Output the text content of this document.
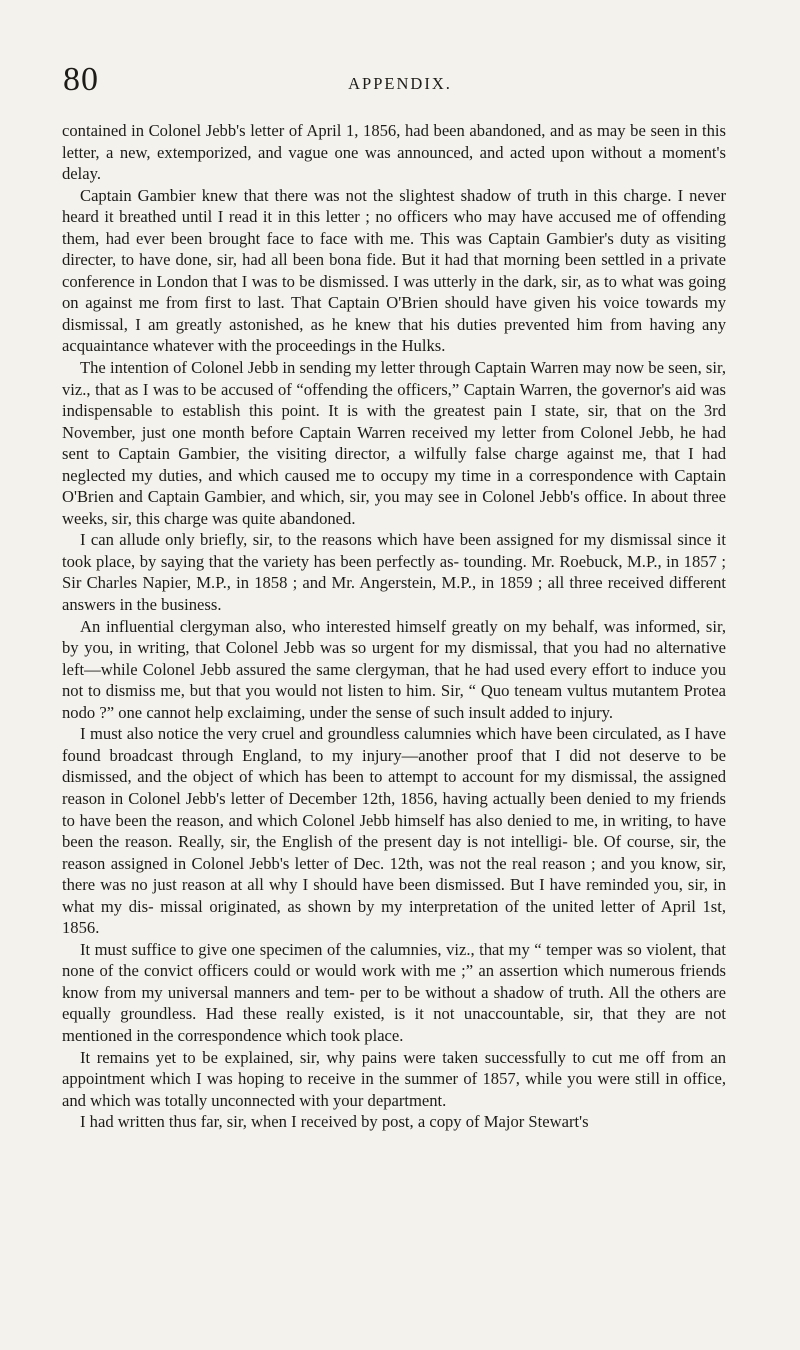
80	APPENDIX.

contained in Colonel Jebb's letter of April 1, 1856, had been abandoned, and as may be seen in this letter, a new, extemporized, and vague one was announced, and acted upon without a moment's delay.

Captain Gambier knew that there was not the slightest shadow of truth in this charge. I never heard it breathed until I read it in this letter ; no officers who may have accused me of offending them, had ever been brought face to face with me. This was Captain Gambier's duty as visiting directer, to have done, sir, had all been bona fide. But it had that morning been settled in a private conference in London that I was to be dismissed. I was utterly in the dark, sir, as to what was going on against me from first to last. That Captain O'Brien should have given his voice towards my dismissal, I am greatly astonished, as he knew that his duties prevented him from having any acquaintance whatever with the proceedings in the Hulks.

The intention of Colonel Jebb in sending my letter through Captain Warren may now be seen, sir, viz., that as I was to be accused of “offending the officers,” Captain Warren, the governor's aid was indispensable to establish this point. It is with the greatest pain I state, sir, that on the 3rd November, just one month before Captain Warren received my letter from Colonel Jebb, he had sent to Captain Gambier, the visiting director, a wilfully false charge against me, that I had neglected my duties, and which caused me to occupy my time in a correspondence with Captain O'Brien and Captain Gambier, and which, sir, you may see in Colonel Jebb's office. In about three weeks, sir, this charge was quite abandoned.

I can allude only briefly, sir, to the reasons which have been assigned for my dismissal since it took place, by saying that the variety has been perfectly as- tounding. Mr. Roebuck, M.P., in 1857 ; Sir Charles Napier, M.P., in 1858 ; and Mr. Angerstein, M.P., in 1859 ; all three received different answers in the business.

An influential clergyman also, who interested himself greatly on my behalf, was informed, sir, by you, in writing, that Colonel Jebb was so urgent for my dismissal, that you had no alternative left—while Colonel Jebb assured the same clergyman, that he had used every effort to induce you not to dismiss me, but that you would not listen to him. Sir, “ Quo teneam vultus mutantem Protea nodo ?” one cannot help exclaiming, under the sense of such insult added to injury.

I must also notice the very cruel and groundless calumnies which have been circulated, as I have found broadcast through England, to my injury—another proof that I did not deserve to be dismissed, and the object of which has been to attempt to account for my dismissal, the assigned reason in Colonel Jebb's letter of December 12th, 1856, having actually been denied to my friends to have been the reason, and which Colonel Jebb himself has also denied to me, in writing, to have been the reason. Really, sir, the English of the present day is not intelligi- ble. Of course, sir, the reason assigned in Colonel Jebb's letter of Dec. 12th, was not the real reason ; and you know, sir, there was no just reason at all why I should have been dismissed. But I have reminded you, sir, in what my dis- missal originated, as shown by my interpretation of the united letter of April 1st, 1856.

It must suffice to give one specimen of the calumnies, viz., that my “ temper was so violent, that none of the convict officers could or would work with me ;” an assertion which numerous friends know from my universal manners and tem- per to be without a shadow of truth. All the others are equally groundless. Had these really existed, is it not unaccountable, sir, that they are not mentioned in the correspondence which took place.

It remains yet to be explained, sir, why pains were taken successfully to cut me off from an appointment which I was hoping to receive in the summer of 1857, while you were still in office, and which was totally unconnected with your department.

I had written thus far, sir, when I received by post, a copy of Major Stewart's
